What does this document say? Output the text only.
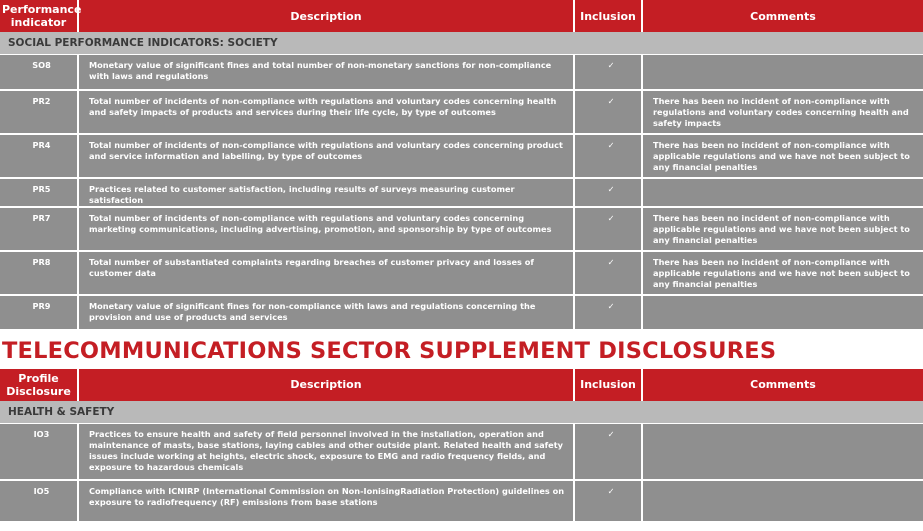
Performance indicator	Description	Inclusion	Comments
SOCIAL PERFORMANCE INDICATORS: SOCIETY			
SO8	Monetary value of significant fines and total number of non-monetary sanctions for non-compliance with laws and regulations	✓	
PR2	Total number of incidents of non-compliance with regulations and voluntary codes concerning health and safety impacts of products and services during their life cycle, by type of outcomes	✓	There has been no incident of non-compliance with regulations and voluntary codes concerning health and safety impacts
PR4	Total number of incidents of non-compliance with regulations and voluntary codes concerning product and service information and labelling, by type of outcomes	✓	There has been no incident of non-compliance with applicable regulations and we have not been subject to any financial penalties
PR5	Practices related to customer satisfaction, including results of surveys measuring customer satisfaction	✓	
PR7	Total number of incidents of non-compliance with regulations and voluntary codes concerning marketing communications, including advertising, promotion, and sponsorship by type of outcomes	✓	There has been no incident of non-compliance with applicable regulations and we have not been subject to any financial penalties
PR8	Total number of substantiated complaints regarding breaches of customer privacy and losses of customer data	✓	There has been no incident of non-compliance with applicable regulations and we have not been subject to any financial penalties
PR9	Monetary value of significant fines for non-compliance with laws and regulations concerning the provision and use of products and services	✓	
TELECOMMUNICATIONS SECTOR SUPPLEMENT DISCLOSURES
Profile Disclosure	Description	Inclusion	Comments
HEALTH & SAFETY			
IO3	Practices to ensure health and safety of field personnel involved in the installation, operation and maintenance of masts, base stations, laying cables and other outside plant. Related health and safety issues include working at heights, electric shock, exposure to EMG and radio frequency fields, and exposure to hazardous chemicals	✓	
IO5	Compliance with ICNIRP (International Commission on Non-IonisingRadiation Protection) guidelines on exposure to radiofrequency (RF) emissions from base stations	✓	
